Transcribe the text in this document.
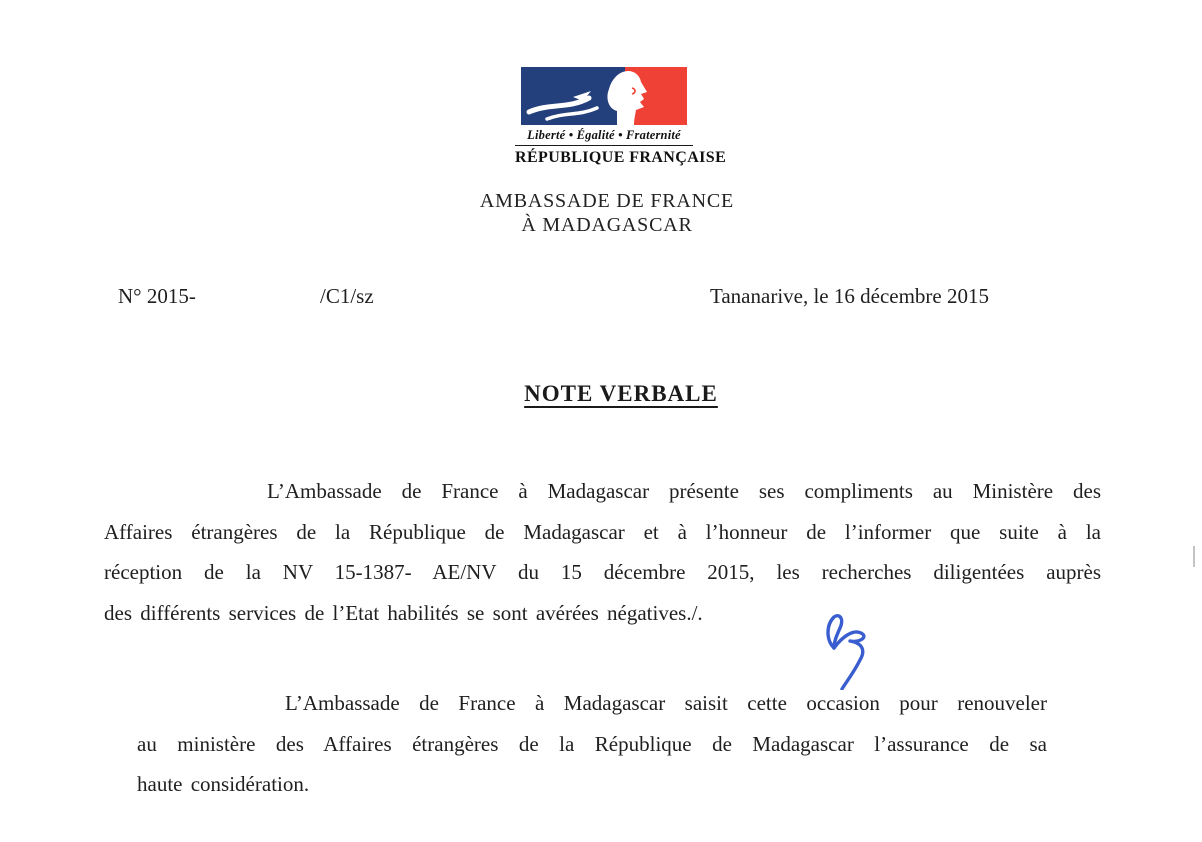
Liberté • Égalité • Fraternité
RÉPUBLIQUE FRANÇAISE
AMBASSADE DE FRANCE
À MADAGASCAR
N° 2015-	/C1/sz	Tananarive, le 16 décembre 2015
NOTE VERBALE
L’Ambassade de France à Madagascar présente ses compliments au Ministère des
Affaires étrangères de la République de Madagascar et à l’honneur de l’informer que suite à la
réception de la NV 15-1387- AE/NV du 15 décembre 2015, les recherches diligentées auprès
des différents services de l’Etat habilités se sont avérées négatives./.
L’Ambassade de France à Madagascar saisit cette occasion pour renouveler
au ministère des Affaires étrangères de la République de Madagascar l’assurance de sa
haute considération.
